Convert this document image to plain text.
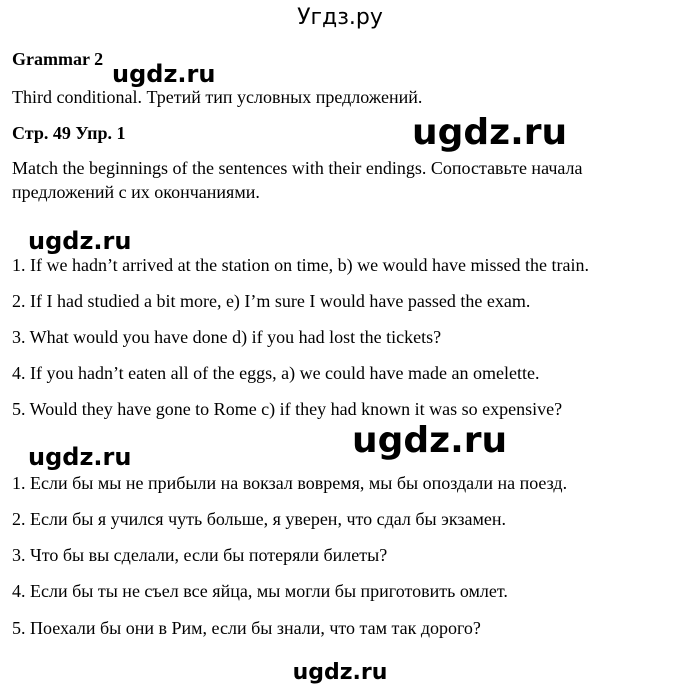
Угдз.ру
Grammar 2
ugdz.ru
Third conditional. Третий тип условных предложений.
Стр. 49 Упр. 1	ugdz.ru
Match the beginnings of the sentences with their endings. Сопоставьте начала
предложений с их окончаниями.
ugdz.ru
1. If we hadn’t arrived at the station on time, b) we would have missed the train.
2. If I had studied a bit more, e) I’m sure I would have passed the exam.
3. What would you have done d) if you had lost the tickets?
4. If you hadn’t eaten all of the eggs, a) we could have made an omelette.
5. Would they have gone to Rome c) if they had known it was so expensive?
ugdz.ru
ugdz.ru
1. Если бы мы не прибыли на вокзал вовремя, мы бы опоздали на поезд.
2. Если бы я учился чуть больше, я уверен, что сдал бы экзамен.
3. Что бы вы сделали, если бы потеряли билеты?
4. Если бы ты не съел все яйца, мы могли бы приготовить омлет.
5. Поехали бы они в Рим, если бы знали, что там так дорого?
ugdz.ru
